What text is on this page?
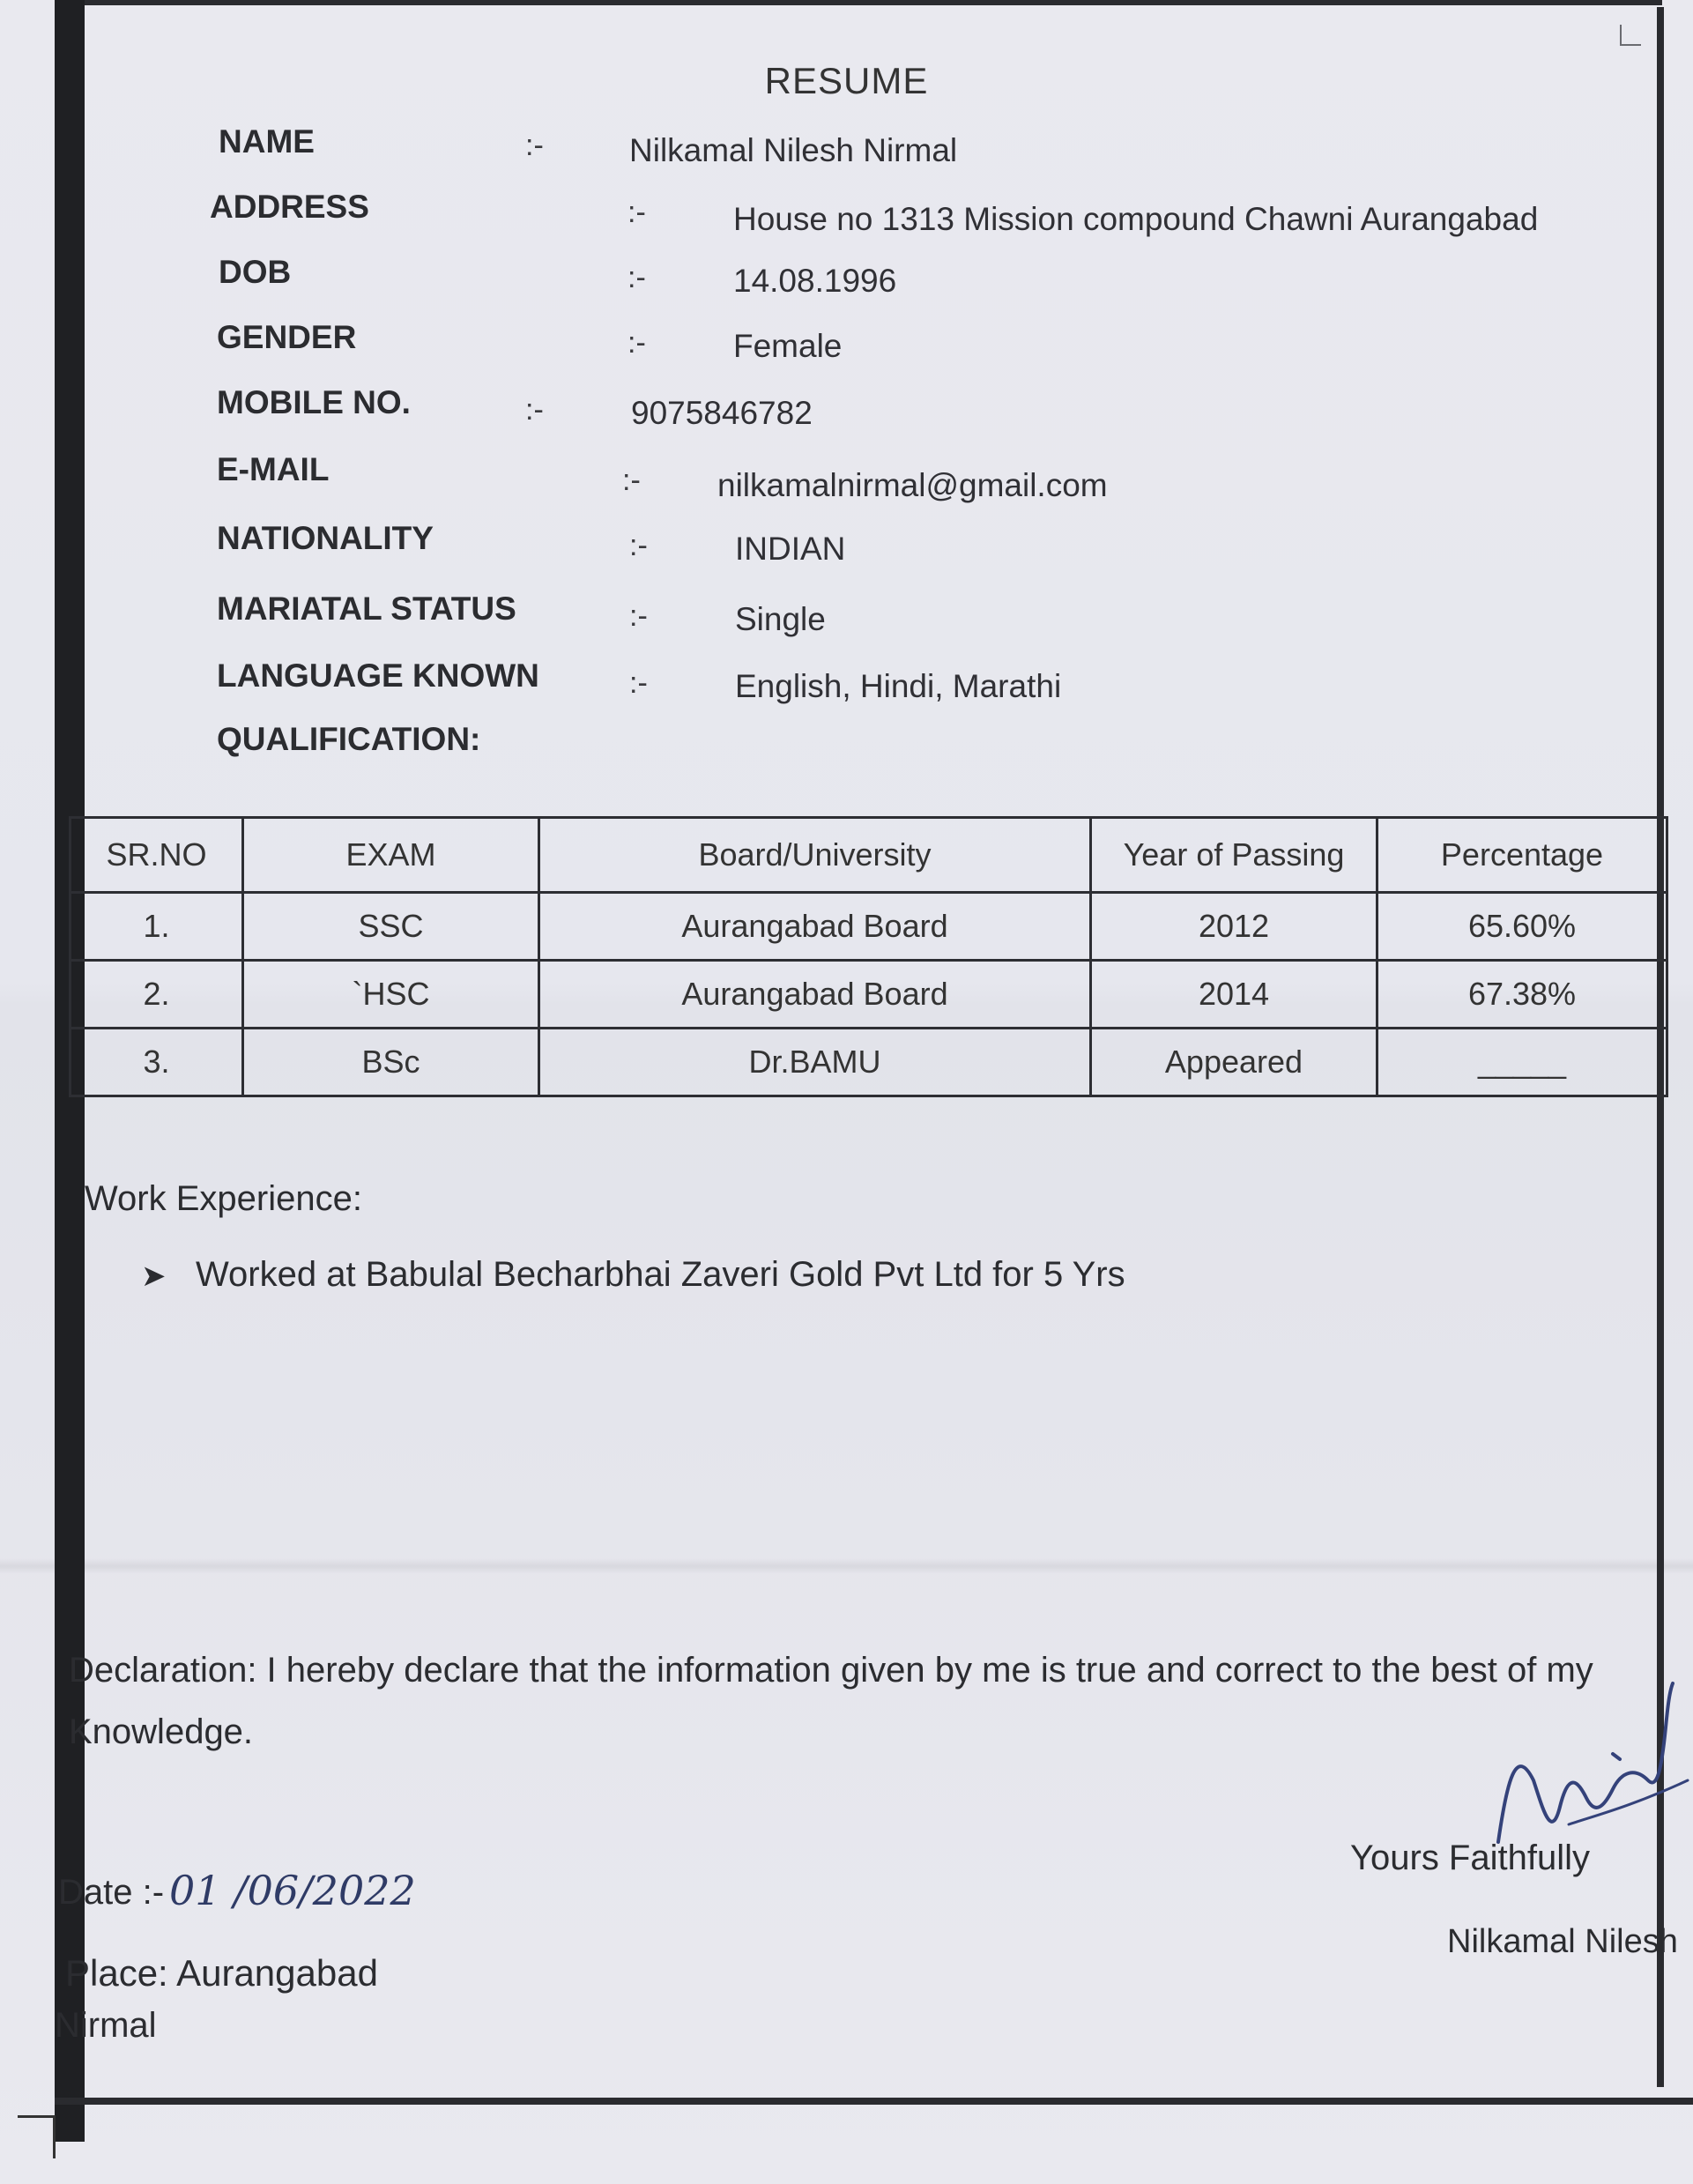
RESUME
NAME	:-	Nilkamal Nilesh Nirmal
ADDRESS	:-	House no 1313 Mission compound Chawni Aurangabad
DOB	:-	14.08.1996
GENDER	:-	Female
MOBILE NO.	:-	9075846782
E-MAIL	:- nilkamalnirmal@gmail.com
NATIONALITY	:-	INDIAN
MARIATAL STATUS	:-	Single
LANGUAGE KNOWN	:-	English, Hindi, Marathi
QUALIFICATION:
SR.NO	EXAM	Board/University	Year of Passing	Percentage
1.	SSC	Aurangabad Board	2012	65.60%
2.	`HSC	Aurangabad Board	2014	67.38%
3.	BSc	Dr.BAMU	Appeared	_____
Work Experience:
➤ Worked at Babulal Becharbhai Zaveri Gold Pvt Ltd for 5 Yrs
Declaration: I hereby declare that the information given by me is true and correct to the best of my Knowledge.
Date :- 01 /06/2022
Place: Aurangabad
Nirmal
Yours Faithfully
Nilkamal Nilesh
